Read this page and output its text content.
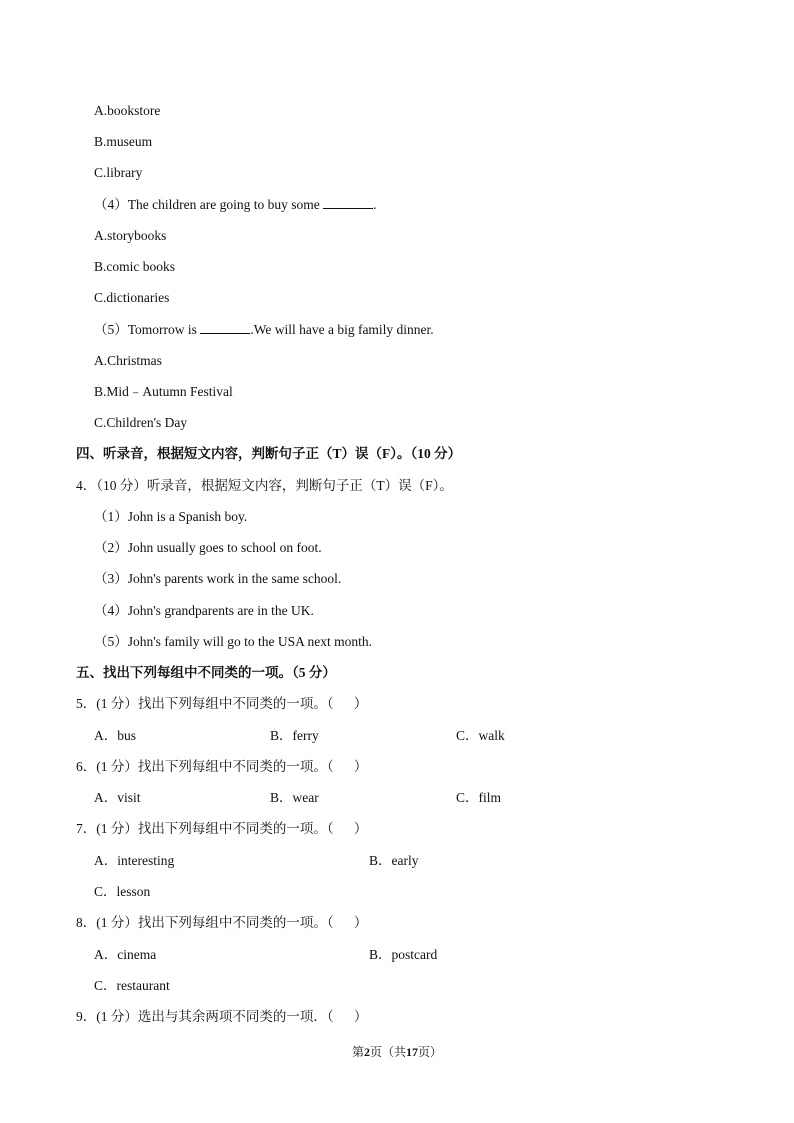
A.bookstore
B.museum
C.library
（4）The children are going to buy some	.
A.storybooks
B.comic books
C.dictionaries
（5）Tomorrow is	.We will have a big family dinner.
A.Christmas
B.Mid﹣Autumn Festival
C.Children's Day
四、听录音，根据短文内容，判断句子正（T）误（F）。（10 分）
4．（10 分）听录音，根据短文内容，判断句子正（T）误（F）。
（1）John is a Spanish boy.
（2）John usually goes to school on foot.
（3）John's parents work in the same school.
（4）John's grandparents are in the UK.
（5）John's family will go to the USA next month.
五、找出下列每组中不同类的一项。（5 分）
5．(1 分）找出下列每组中不同类的一项。（      ）
A．bus	B．ferry	C．walk
6．(1 分）找出下列每组中不同类的一项。（      ）
A．visit	B．wear	C．film
7．(1 分）找出下列每组中不同类的一项。（      ）
A．interesting	B．early
C．lesson
8．(1 分）找出下列每组中不同类的一项。（      ）
A．cinema	B．postcard
C．restaurant
9．(1 分）选出与其余两项不同类的一项．（      ）
第2页（共17页）
